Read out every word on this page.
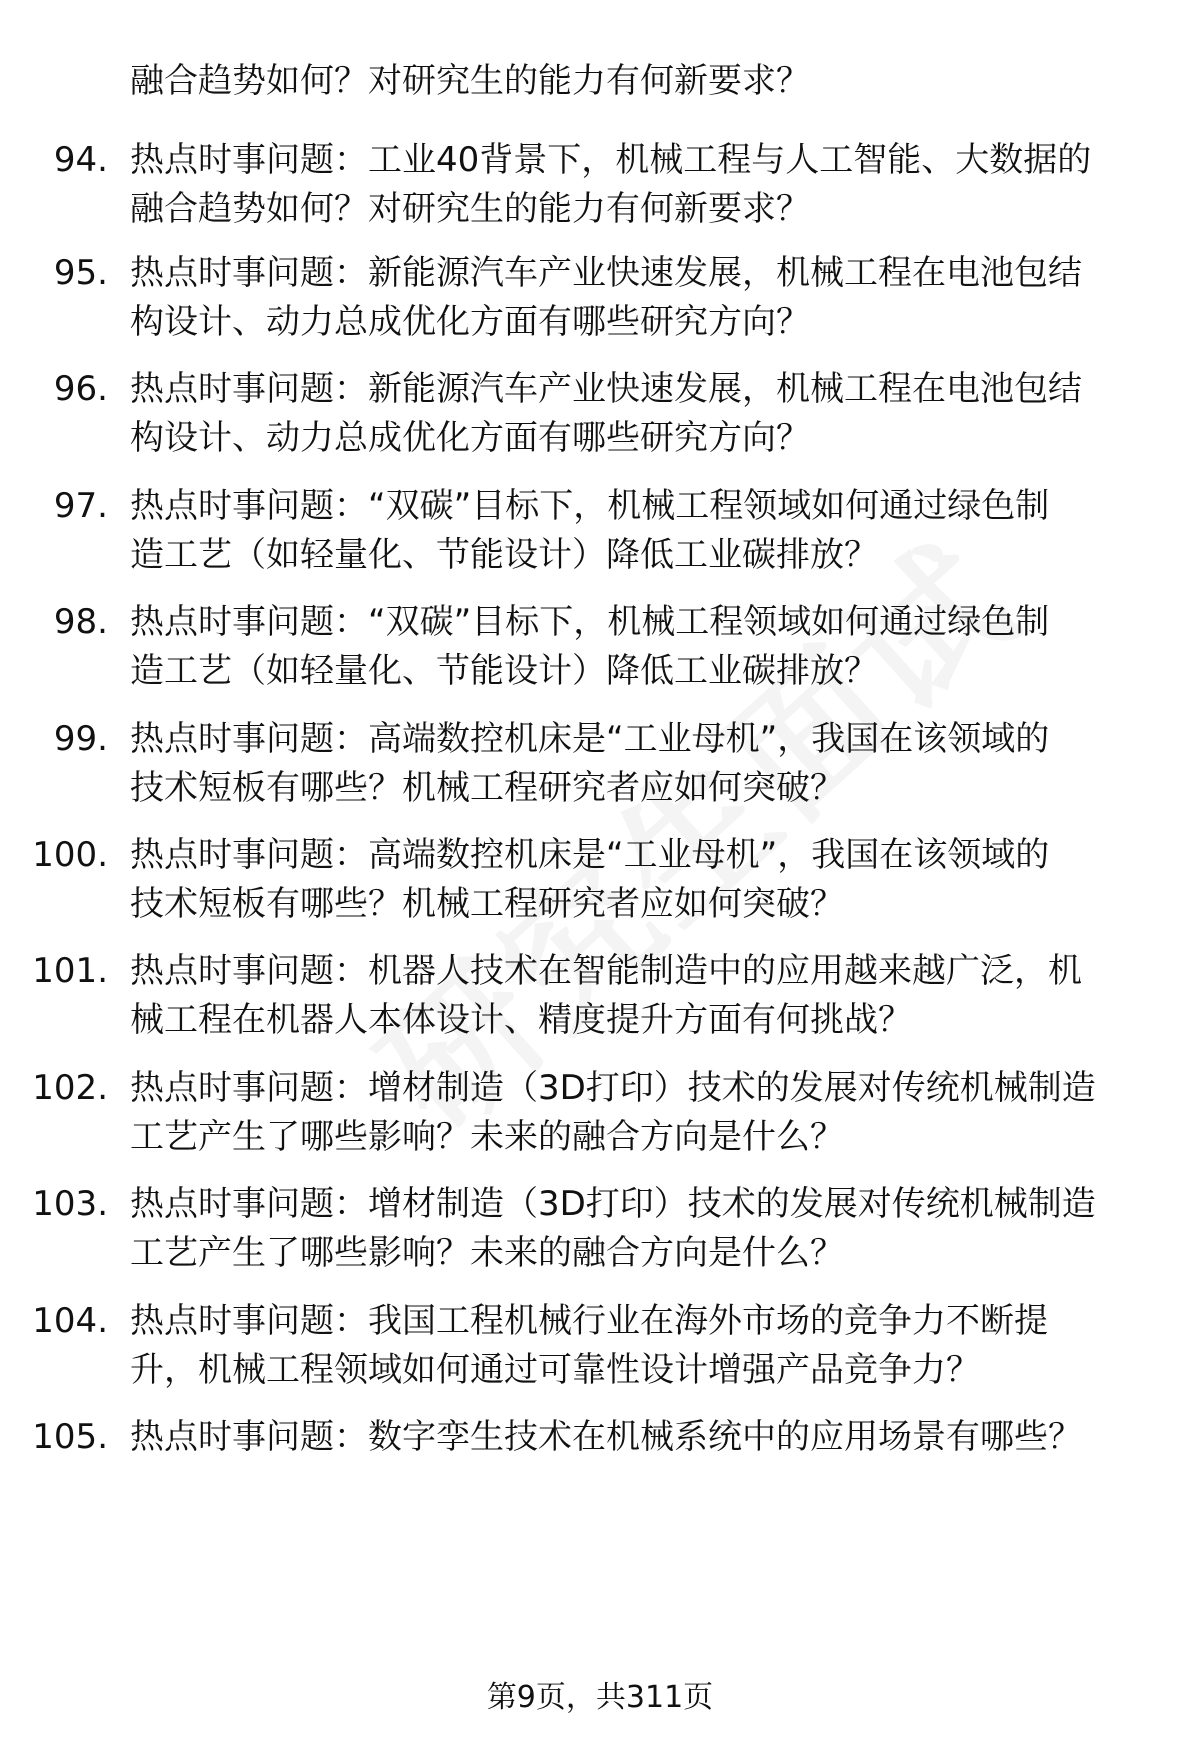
融合趋势如何？对研究生的能力有何新要求？
94. 热点时事问题：工业40背景下，机械工程与人工智能、大数据的
融合趋势如何？对研究生的能力有何新要求？
95. 热点时事问题：新能源汽车产业快速发展，机械工程在电池包结
构设计、动力总成优化方面有哪些研究方向？
96. 热点时事问题：新能源汽车产业快速发展，机械工程在电池包结
构设计、动力总成优化方面有哪些研究方向？
97. 热点时事问题：“双碳”目标下，机械工程领域如何通过绿色制
造工艺（如轻量化、节能设计）降低工业碳排放？
98. 热点时事问题：“双碳”目标下，机械工程领域如何通过绿色制
造工艺（如轻量化、节能设计）降低工业碳排放？
99. 热点时事问题：高端数控机床是“工业母机”，我国在该领域的
技术短板有哪些？机械工程研究者应如何突破？
100. 热点时事问题：高端数控机床是“工业母机”，我国在该领域的
技术短板有哪些？机械工程研究者应如何突破？
101. 热点时事问题：机器人技术在智能制造中的应用越来越广泛，机
械工程在机器人本体设计、精度提升方面有何挑战？
102. 热点时事问题：增材制造（3D打印）技术的发展对传统机械制造
工艺产生了哪些影响？未来的融合方向是什么？
103. 热点时事问题：增材制造（3D打印）技术的发展对传统机械制造
工艺产生了哪些影响？未来的融合方向是什么？
104. 热点时事问题：我国工程机械行业在海外市场的竞争力不断提
升，机械工程领域如何通过可靠性设计增强产品竞争力？
105. 热点时事问题：数字孪生技术在机械系统中的应用场景有哪些？
第9页，共311页
